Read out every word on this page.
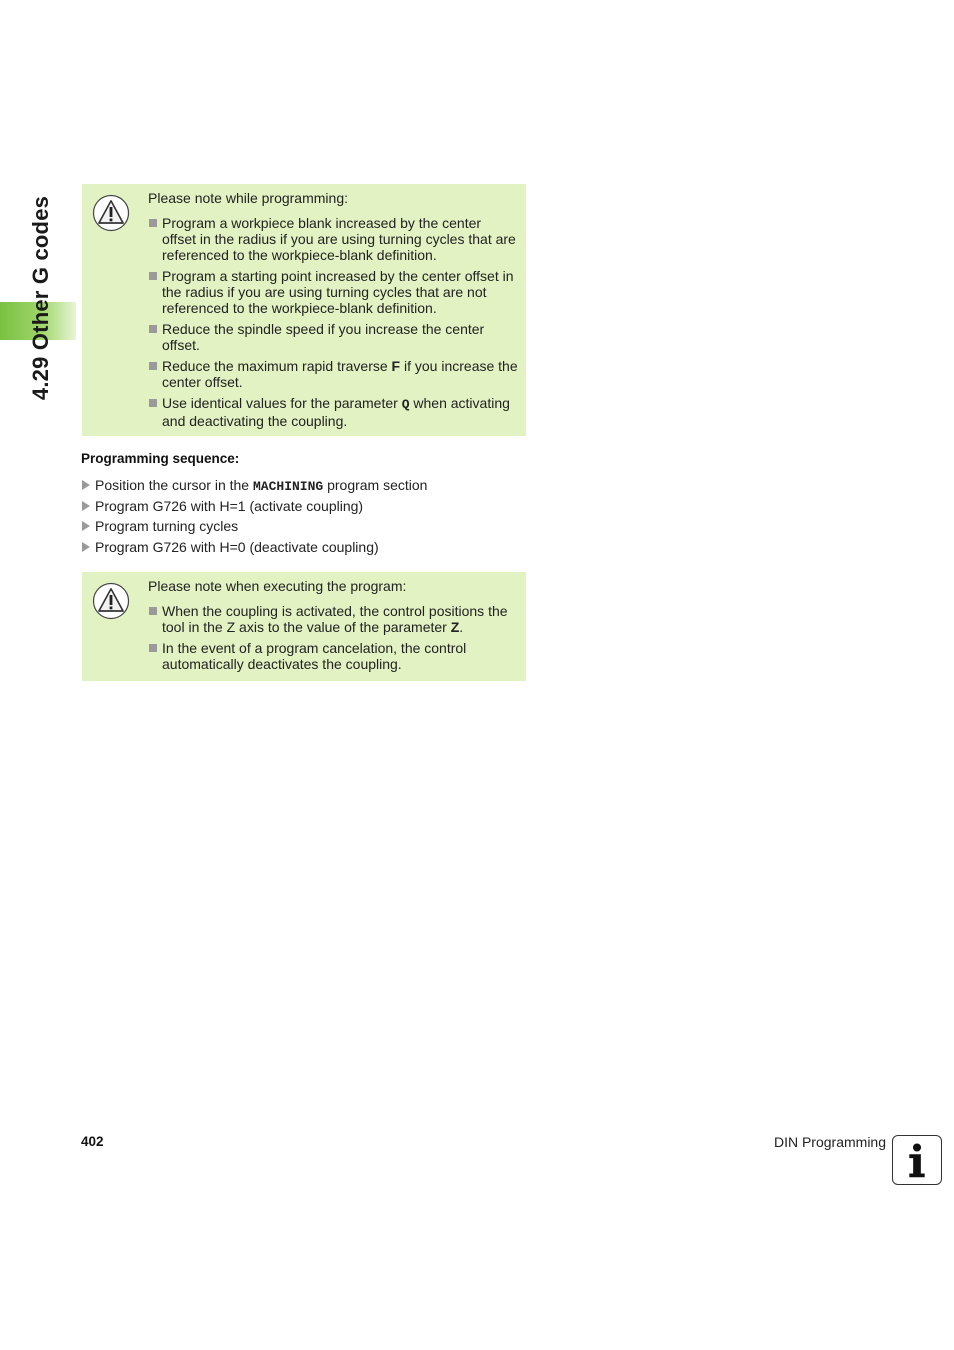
4.29 Other G codes	Please note while programming:
Program a workpiece blank increased by the center offset in the radius if you are using turning cycles that are referenced to the workpiece-blank definition.
Program a starting point increased by the center offset in the radius if you are using turning cycles that are not referenced to the workpiece-blank definition.
Reduce the spindle speed if you increase the center offset.
Reduce the maximum rapid traverse F if you increase the center offset.
Use identical values for the parameter Q when activating and deactivating the coupling.
Programming sequence:
Position the cursor in the MACHINING program section
Program G726 with H=1 (activate coupling)
Program turning cycles
Program G726 with H=0 (deactivate coupling)
Please note when executing the program:
When the coupling is activated, the control positions the tool in the Z axis to the value of the parameter Z.
In the event of a program cancelation, the control automatically deactivates the coupling.
402	DIN Programming
